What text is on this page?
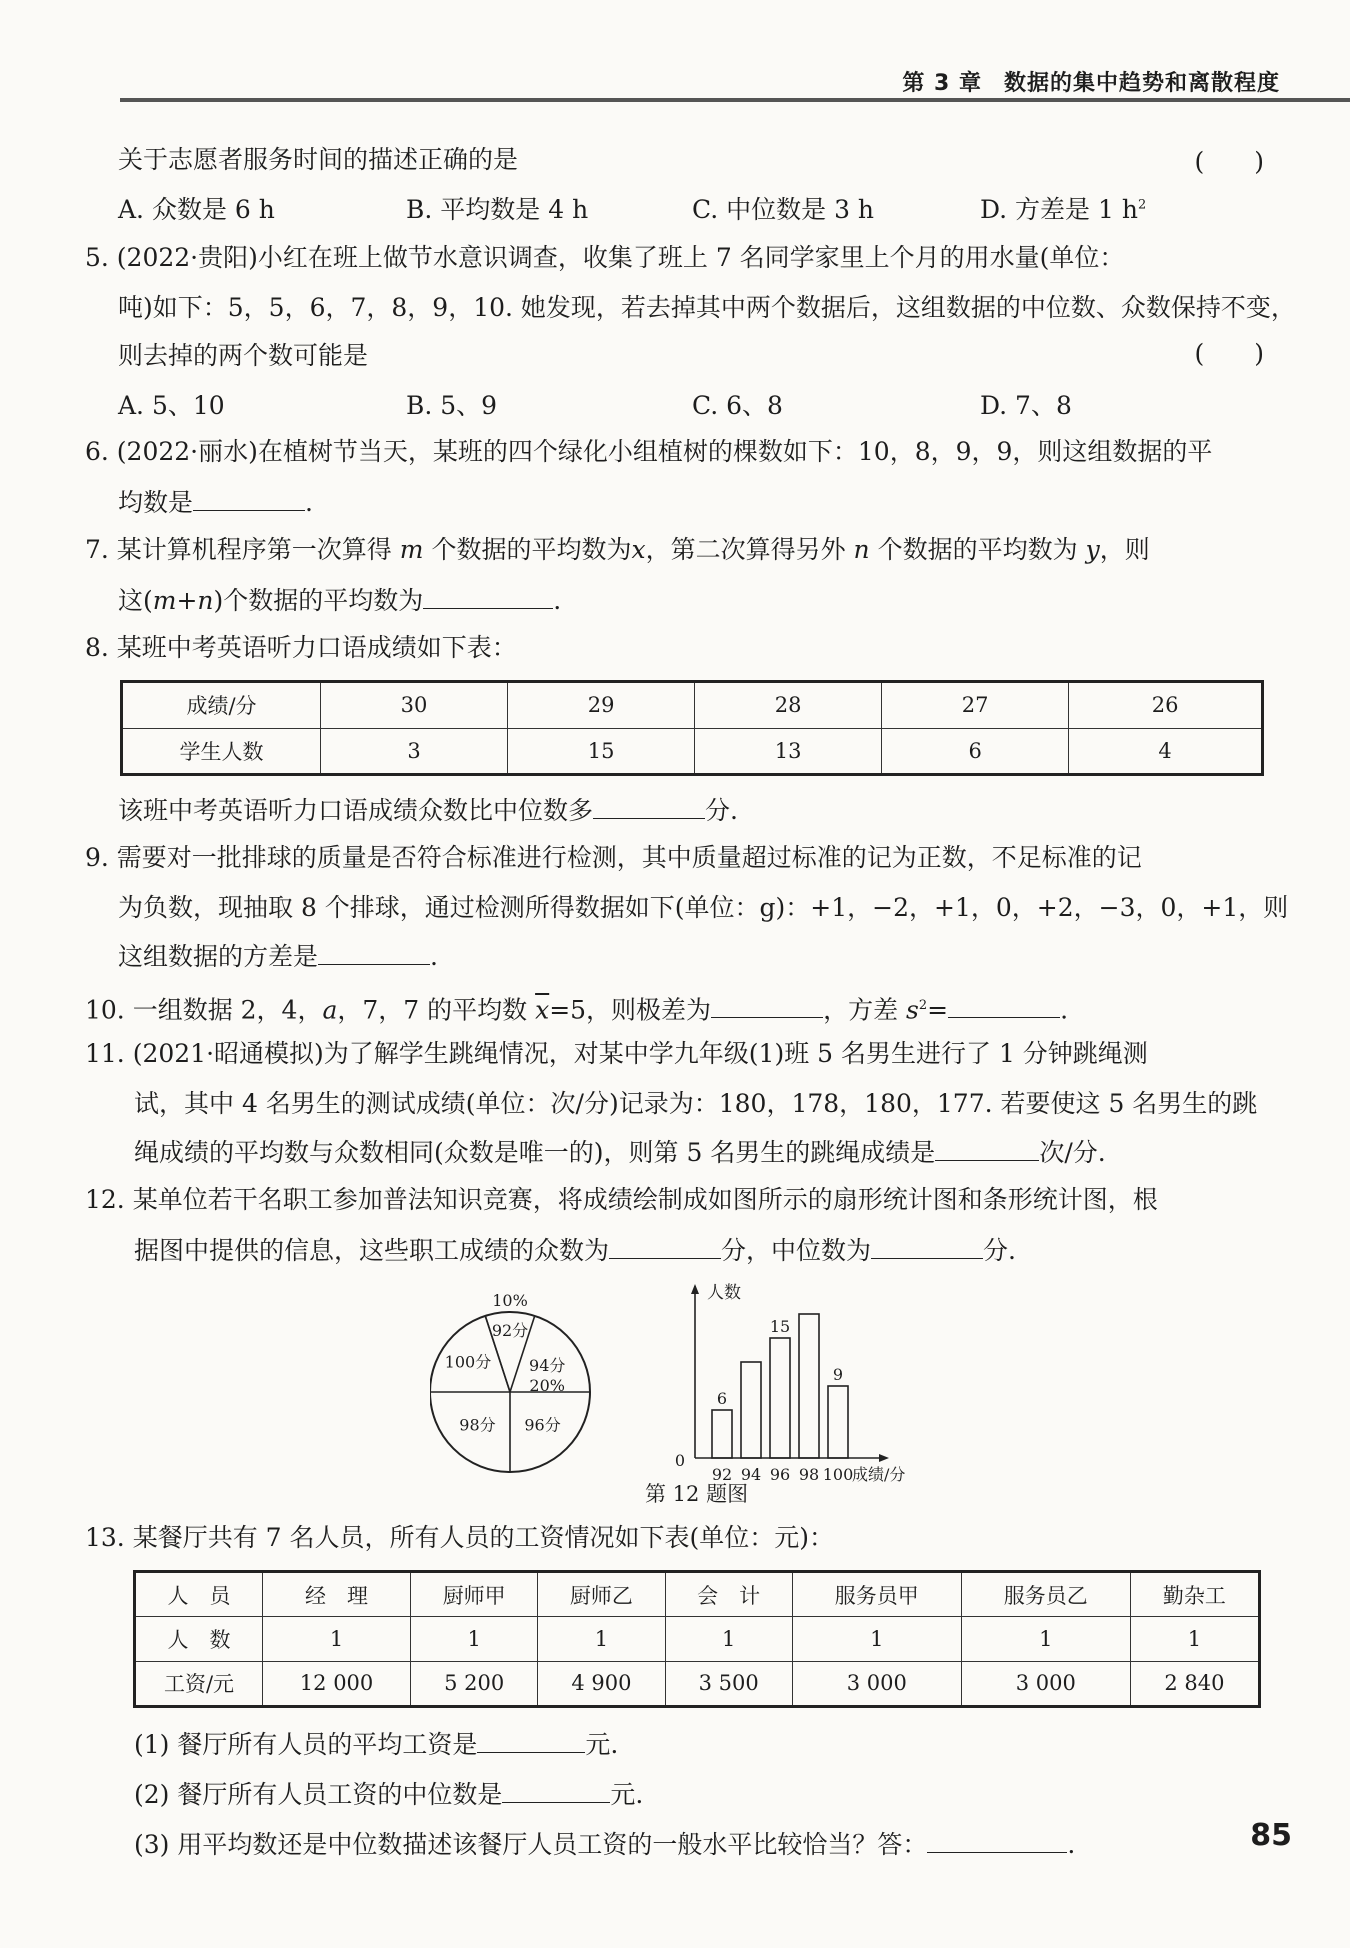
第 3 章 数据的集中趋势和离散程度
关于志愿者服务时间的描述正确的是	(　　)
A. 众数是 6 h	B. 平均数是 4 h	C. 中位数是 3 h	D. 方差是 1 $h^2$
5. (2022·贵阳)小红在班上做节水意识调查，收集了班上 7 名同学家里上个月的用水量(单位：
吨)如下：5，5，6，7，8，9，10. 她发现，若去掉其中两个数据后，这组数据的中位数、众数保持不变，
则去掉的两个数可能是	(　　)
A. 5、10	B. 5、9	C. 6、8	D. 7、8
6. (2022·丽水)在植树节当天，某班的四个绿化小组植树的棵数如下：10，8，9，9，则这组数据的平
均数是	.
7. 某计算机程序第一次算得 m 个数据的平均数为x，第二次算得另外 n 个数据的平均数为 y，则
这(m+n)个数据的平均数为	.
8. 某班中考英语听力口语成绩如下表：
成绩/分	30	29	28	27	26
学生人数	3	15	13	6	4
该班中考英语听力口语成绩众数比中位数多	分.
9. 需要对一批排球的质量是否符合标准进行检测，其中质量超过标准的记为正数，不足标准的记
为负数，现抽取 8 个排球，通过检测所得数据如下(单位：g)：+1，−2，+1，0，+2，−3，0，+1，则
这组数据的方差是	.
10. 一组数据 2，4，a，7，7 的平均数 $\overline{x}=5$，则极差为	，方差 $s^2=$	.
11. (2021·昭通模拟)为了解学生跳绳情况，对某中学九年级(1)班 5 名男生进行了 1 分钟跳绳测
试，其中 4 名男生的测试成绩(单位：次/分)记录为：180，178，180，177. 若要使这 5 名男生的跳
绳成绩的平均数与众数相同(众数是唯一的)，则第 5 名男生的跳绳成绩是	次/分.
12. 某单位若干名职工参加普法知识竞赛，将成绩绘制成如图所示的扇形统计图和条形统计图，根
据图中提供的信息，这些职工成绩的众数为	分，中位数为	分.
92分
10%
94分
20%
96分
98分
100分
人数
0
92
6
94 96
15
98 100
9
成绩/分
第 12 题图
13. 某餐厅共有 7 名人员，所有人员的工资情况如下表(单位：元)：
人　员	经　理	厨师甲	厨师乙	会　计	服务员甲	服务员乙	勤杂工
人　数	1	1	1	1	1	1	1
工资/元	12 000	5 200	4 900	3 500	3 000	3 000	2 840
(1) 餐厅所有人员的平均工资是	元.
(2) 餐厅所有人员工资的中位数是	元.
(3) 用平均数还是中位数描述该餐厅人员工资的一般水平比较恰当？答：	.	85
